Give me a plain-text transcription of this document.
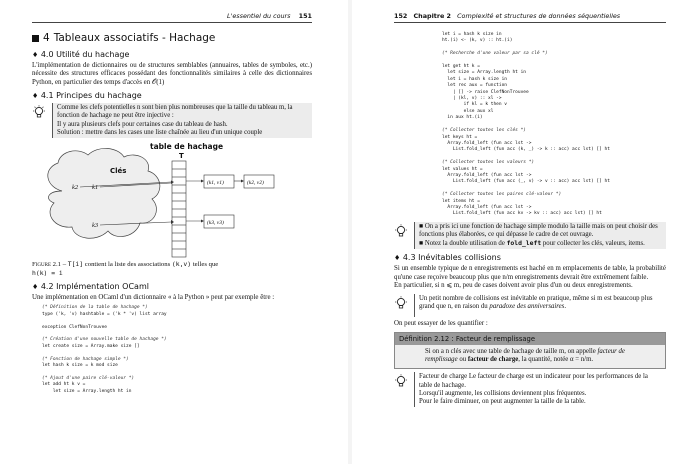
L'essentiel du cours 151
4 Tableaux associatifs - Hachage
♦ 4.0 Utilité du hachage

L'implémentation de dictionnaires ou de structures semblables (annuaires, tables de symboles, etc.) nécessite des structures efficaces possédant des fonctionnalités similaires à celle des dictionnaires Python, en particulier des temps d'accès en 𝒪(1)

♦ 4.1 Principes du hachage
Comme les clefs potentielles n sont bien plus nombreuses que la taille du tableau m, la fonction de hachage ne peut être injective :
Il y aura plusieurs clefs pour certaines case du tableau de hash.
Solution : mettre dans les cases une liste chaînée au lieu d'un unique couple
Clés
k2 k1
k3
table de hachage
T
(k1, v1)	(k2, v2)
(k3, v3)
Figure 2.1 – T[i] contient la liste des associations (k,v) telles que
h(k) = i
♦ 4.2 Implémentation OCaml

Une implémentation en OCaml d'un dictionnaire « à la Python » peut par exemple être :

(* Définition de la table de hachage *)
type ('k, 'v) hashtable = ('k * 'v) list array

exception ClefNonTrouvee

(* Création d'une nouvelle table de hachage *)
let create size = Array.make size []

(* Fonction de hachage simple *)
let hash k size = k mod size

(* Ajout d'une paire clé-valeur *)
let add ht k v =
let size = Array.length ht in
152 Chapitre 2 Complexité et structures de données séquentielles
let i = hash k size in
ht.(i) <- (k, v) :: ht.(i)

(* Recherche d'une valeur par sa clé *)

let get ht k =
let size = Array.length ht in
let i = hash k size in
let rec aux = function
| [] -> raise ClefNonTrouvee
| (kl, v) :: xl ->
if kl = k then v
else aux xl
in aux ht.(i)

(* Collecter toutes les clés *)
let keys ht =
Array.fold_left (fun acc lst ->
List.fold_left (fun acc (k, _) -> k :: acc) acc lst) [] ht

(* Collecter toutes les valeurs *)
let values ht =
Array.fold_left (fun acc lst ->
List.fold_left (fun acc (_, v) -> v :: acc) acc lst) [] ht

(* Collecter toutes les paires clé-valeur *)
let items ht =
Array.fold_left (fun acc lst ->
List.fold_left (fun acc kv -> kv :: acc) acc lst) [] ht
■ On a pris ici une fonction de hachage simple modulo la taille mais on peut choisir des fonctions plus élaborées, ce qui dépasse le cadre de cet ouvrage.
■ Notez la double utilisation de fold_left pour collecter les clés, valeurs, items.
♦ 4.3 Inévitables collisions

Si un ensemble typique de n enregistrements est haché en m emplacements de table, la probabilité qu'une case reçoive beaucoup plus que n/m enregistrements devrait être extrêmement faible.

En particulier, si n ⩽ m, peu de cases doivent avoir plus d'un ou deux enregistrements.

Un petit nombre de collisions est inévitable en pratique, même si m est beaucoup plus grand que n, en raison du paradoxe des anniversaires.

On peut essayer de les quantifier :

Définition 2.12 : Facteur de remplissage
Si on a n clés avec une table de hachage de taille m, on appelle facteur de remplissage ou facteur de charge, la quantité, notée α = n/m.
Facteur de charge Le facteur de charge est un indicateur pour les performances de la table de hachage.
Lorsqu'il augmente, les collisions deviennent plus fréquentes.
Pour le faire diminuer, on peut augmenter la taille de la table.
